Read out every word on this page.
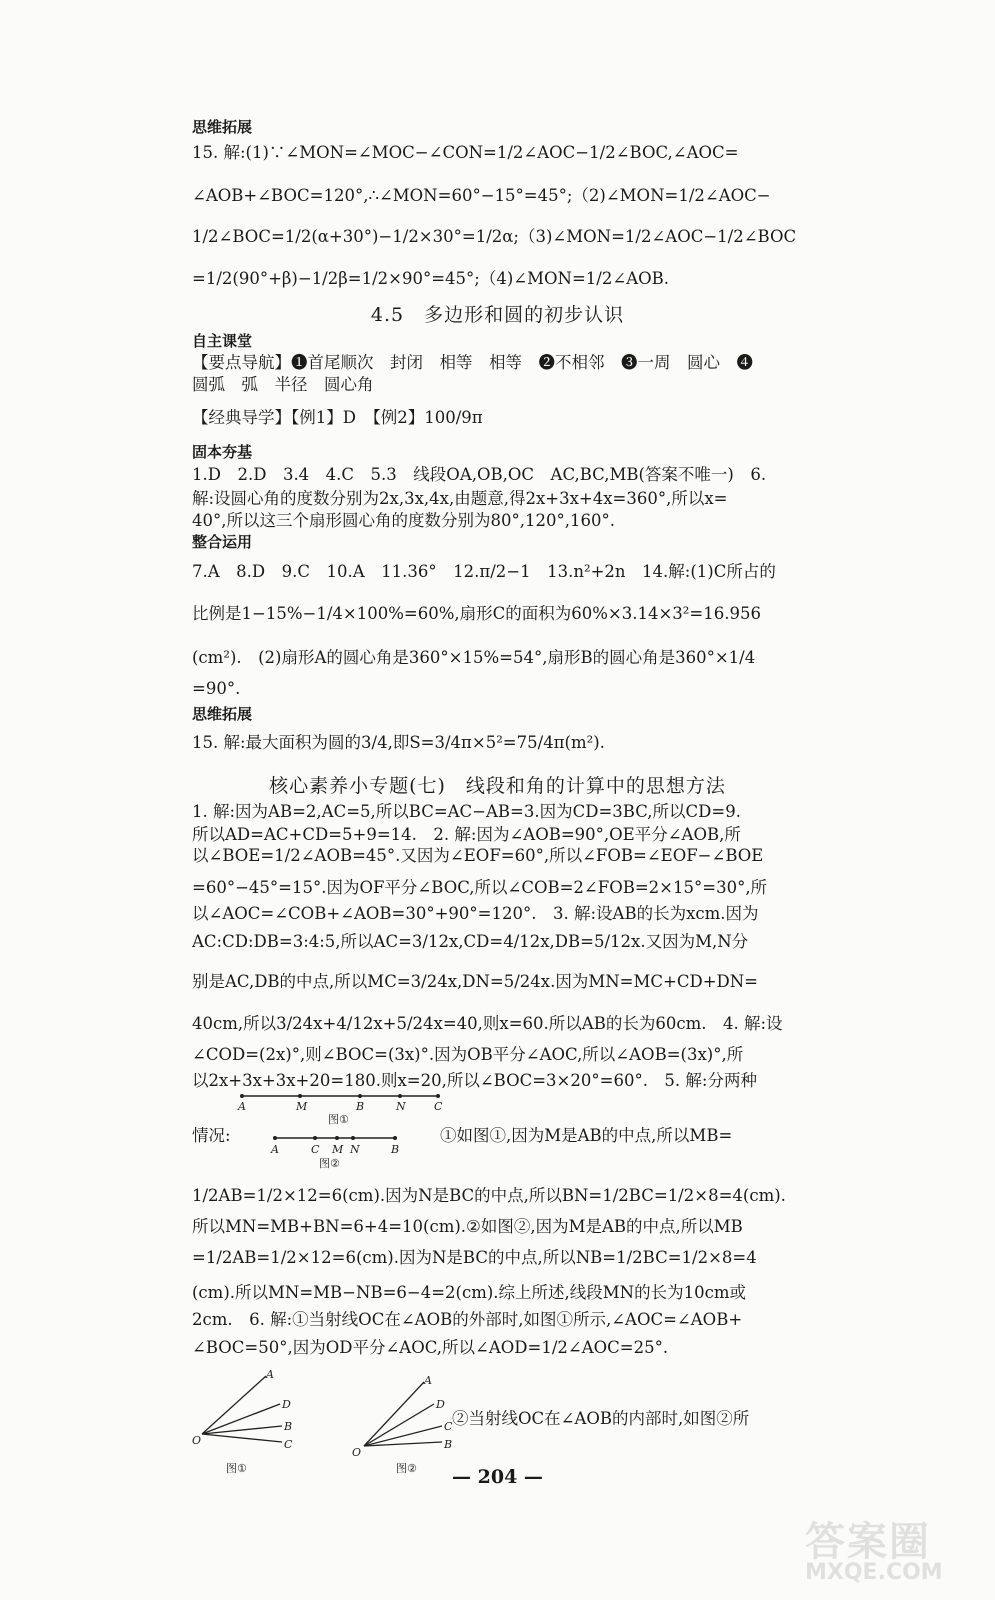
思维拓展
15. 解:(1)∵∠MON=∠MOC−∠CON=1/2∠AOC−1/2∠BOC,∠AOC=
∠AOB+∠BOC=120°,∴∠MON=60°−15°=45°;（2)∠MON=1/2∠AOC−
1/2∠BOC=1/2(α+30°)−1/2×30°=1/2α;（3)∠MON=1/2∠AOC−1/2∠BOC
=1/2(90°+β)−1/2β=1/2×90°=45°;（4)∠MON=1/2∠AOB.
4.5　多边形和圆的初步认识
自主课堂
【要点导航】❶首尾顺次　封闭　相等　相等　❷不相邻　❸一周　圆心　❹
圆弧　弧　半径　圆心角
【经典导学】【例1】D　【例2】100/9π
固本夯基
1.D　2.D　3.4　4.C　5.3　线段OA,OB,OC　AC,BC,MB(答案不唯一)　6.
解:设圆心角的度数分别为2x,3x,4x,由题意,得2x+3x+4x=360°,所以x=
40°,所以这三个扇形圆心角的度数分别为80°,120°,160°.
整合运用
7.A　8.D　9.C　10.A　11.36°　12.π/2−1　13.n²+2n　14.解:(1)C所占的
比例是1−15%−1/4×100%=60%,扇形C的面积为60%×3.14×3²=16.956
(cm²).　(2)扇形A的圆心角是360°×15%=54°,扇形B的圆心角是360°×1/4
=90°.
思维拓展
15. 解:最大面积为圆的3/4,即S=3/4π×5²=75/4π(m²).
核心素养小专题(七)　线段和角的计算中的思想方法
1. 解:因为AB=2,AC=5,所以BC=AC−AB=3.因为CD=3BC,所以CD=9.
所以AD=AC+CD=5+9=14.　2. 解:因为∠AOB=90°,OE平分∠AOB,所
以∠BOE=1/2∠AOB=45°.又因为∠EOF=60°,所以∠FOB=∠EOF−∠BOE
=60°−45°=15°.因为OF平分∠BOC,所以∠COB=2∠FOB=2×15°=30°,所
以∠AOC=∠COB+∠AOB=30°+90°=120°.　3. 解:设AB的长为xcm.因为
AC:CD:DB=3:4:5,所以AC=3/12x,CD=4/12x,DB=5/12x.又因为M,N分
别是AC,DB的中点,所以MC=3/24x,DN=5/24x.因为MN=MC+CD+DN=
40cm,所以3/24x+4/12x+5/24x=40,则x=60.所以AB的长为60cm.　4. 解:设
∠COD=(2x)°,则∠BOC=(3x)°.因为OB平分∠AOC,所以∠AOB=(3x)°,所
以2x+3x+3x+20=180.则x=20,所以∠BOC=3×20°=60°.　5. 解:分两种
A	M	B	N	C
图①
情况:
A	C M N	B
图②
①如图①,因为M是AB的中点,所以MB=
1/2AB=1/2×12=6(cm).因为N是BC的中点,所以BN=1/2BC=1/2×8=4(cm).
所以MN=MB+BN=6+4=10(cm).②如图②,因为M是AB的中点,所以MB
=1/2AB=1/2×12=6(cm).因为N是BC的中点,所以NB=1/2BC=1/2×8=4
(cm).所以MN=MB−NB=6−4=2(cm).综上所述,线段MN的长为10cm或
2cm.　6. 解:①当射线OC在∠AOB的外部时,如图①所示,∠AOC=∠AOB+
∠BOC=50°,因为OD平分∠AOC,所以∠AOD=1/2∠AOC=25°.
O
A
D
B
C
图①
O
A
D
C
B
图②
②当射线OC在∠AOB的内部时,如图②所
— 204 —
答案圈
MXQE.COM
